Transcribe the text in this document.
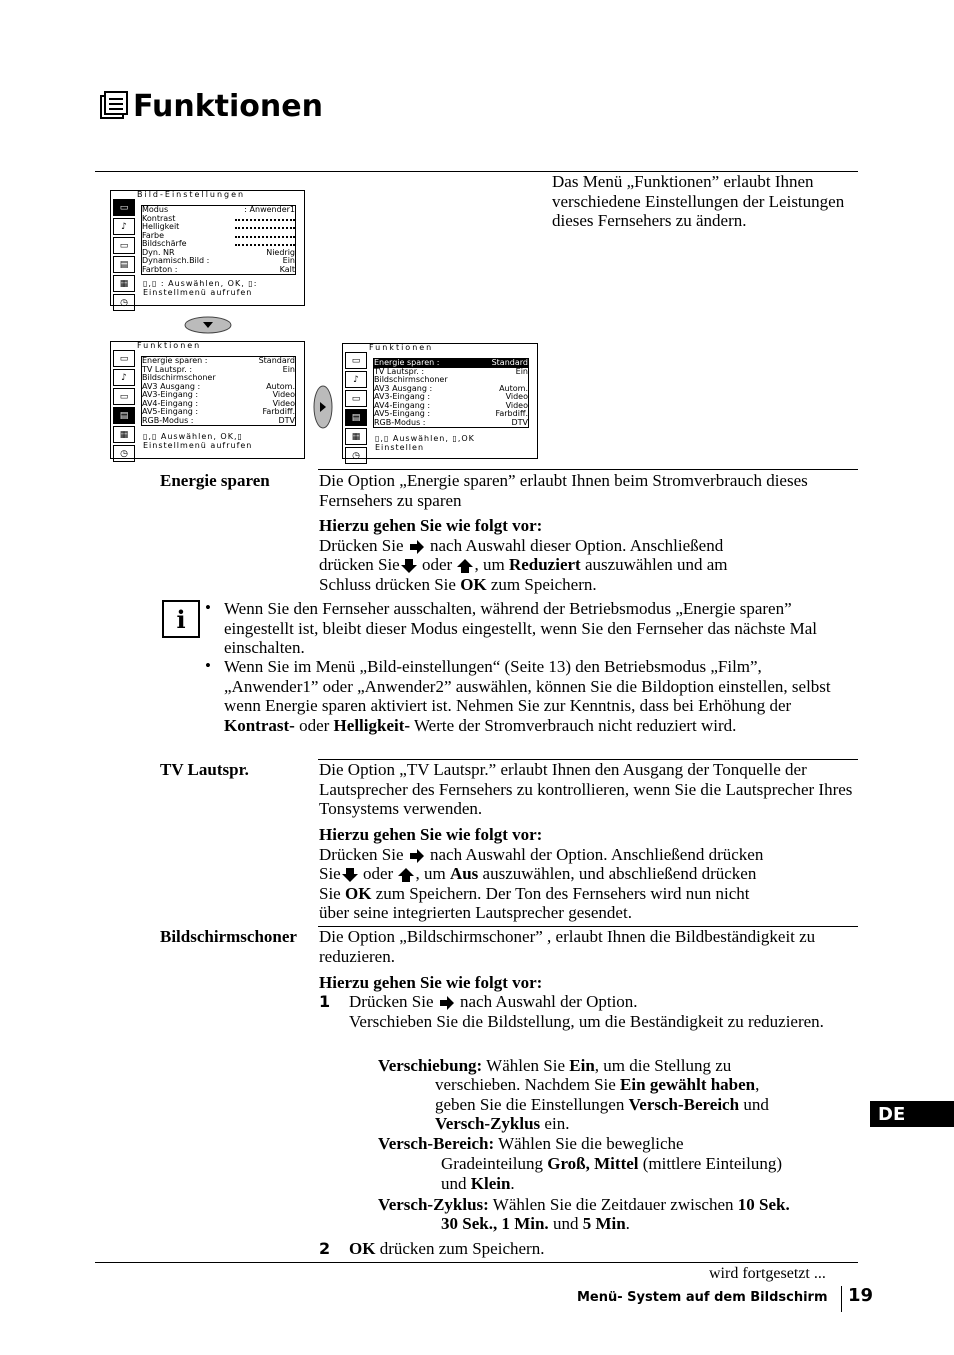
Funktionen
Das Menü „Funktionen” erlaubt Ihnen verschiedene Einstellungen der Leistungen dieses Fernsehers zu ändern.
Bild-Einstellungen
▭
♪
▭
▤
▦
◷
Modus	: Anwender1
Kontrast
Helligkeit
Farbe
Bildschärfe
Dyn. NR	Niedrig
Dynamisch.Bild :	Ein
Farbton :	Kalt
▯,▯ : Auswählen, OK, ▯:
Einstellmenü aufrufen
Funktionen
▭
♪
▭
▤
▦
◷
Energie sparen :	Standard
TV Lautspr. :	Ein
Bildschirmschoner
AV3 Ausgang :	Autom.
AV3-Eingang :	Video
AV4-Eingang :	Video
AV5-Eingang :	Farbdiff.
RGB-Modus :	DTV
▯,▯ Auswählen, OK,▯
Einstellmenü aufrufen
Funktionen
▭
♪
▭
▤
▦
◷
Energie sparen :	Standard
TV Lautspr. :	Ein
Bildschirmschoner
AV3 Ausgang :	Autom.
AV3-Eingang :	Video
AV4-Eingang :	Video
AV5-Eingang :	Farbdiff.
RGB-Modus :	DTV
▯,▯ Auswählen, ▯,OK
Einstellen
Energie sparen	Die Option „Energie sparen” erlaubt Ihnen beim Stromverbrauch dieses Fernsehers zu sparen
Hierzu gehen Sie wie folgt vor:
Drücken Sie nach Auswahl dieser Option. Anschließend
drücken Sie oder , um Reduziert auszuwählen und am
Schluss drücken Sie OK zum Speichern.
i	• Wenn Sie den Fernseher ausschalten, während der Betriebsmodus „Energie sparen” eingestellt ist, bleibt dieser Modus eingestellt, wenn Sie den Fernseher das nächste Mal einschalten.
• Wenn Sie im Menü „Bild-einstellungen“ (Seite 13) den Betriebsmodus „Film”, „Anwender1” oder „Anwender2” auswählen, können Sie die Bildoption einstellen, selbst wenn Energie sparen aktiviert ist. Nehmen Sie zur Kenntnis, dass bei Erhöhung der Kontrast- oder Helligkeit- Werte der Stromverbrauch nicht reduziert wird.
TV Lautspr.	Die Option „TV Lautspr.” erlaubt Ihnen den Ausgang der Tonquelle der Lautsprecher des Fernsehers zu kontrollieren, wenn Sie die Lautsprecher Ihres Tonsystems verwenden.
Hierzu gehen Sie wie folgt vor:
Drücken Sie nach Auswahl der Option. Anschließend drücken
Sie oder , um Aus auszuwählen, und abschließend drücken
Sie OK zum Speichern. Der Ton des Fernsehers wird nun nicht
über seine integrierten Lautsprecher gesendet.
Bildschirmschoner Die Option „Bildschirmschoner” , erlaubt Ihnen die Bildbeständigkeit zu reduzieren.
Hierzu gehen Sie wie folgt vor:
1 Drücken Sie nach Auswahl der Option.
Verschieben Sie die Bildstellung, um die Beständigkeit zu reduzieren.
Verschiebung: Wählen Sie Ein, um die Stellung zu
verschieben. Nachdem Sie Ein gewählt haben,
geben Sie die Einstellungen Versch-Bereich und
Versch-Zyklus ein.
Versch-Bereich: Wählen Sie die bewegliche
Gradeinteilung Groß, Mittel (mittlere Einteilung)
und Klein.
Versch-Zyklus: Wählen Sie die Zeitdauer zwischen 10 Sek.
30 Sek., 1 Min. und 5 Min.
2 OK drücken zum Speichern.
DE
wird fortgesetzt ...
Menü- System auf dem Bildschirm 19
